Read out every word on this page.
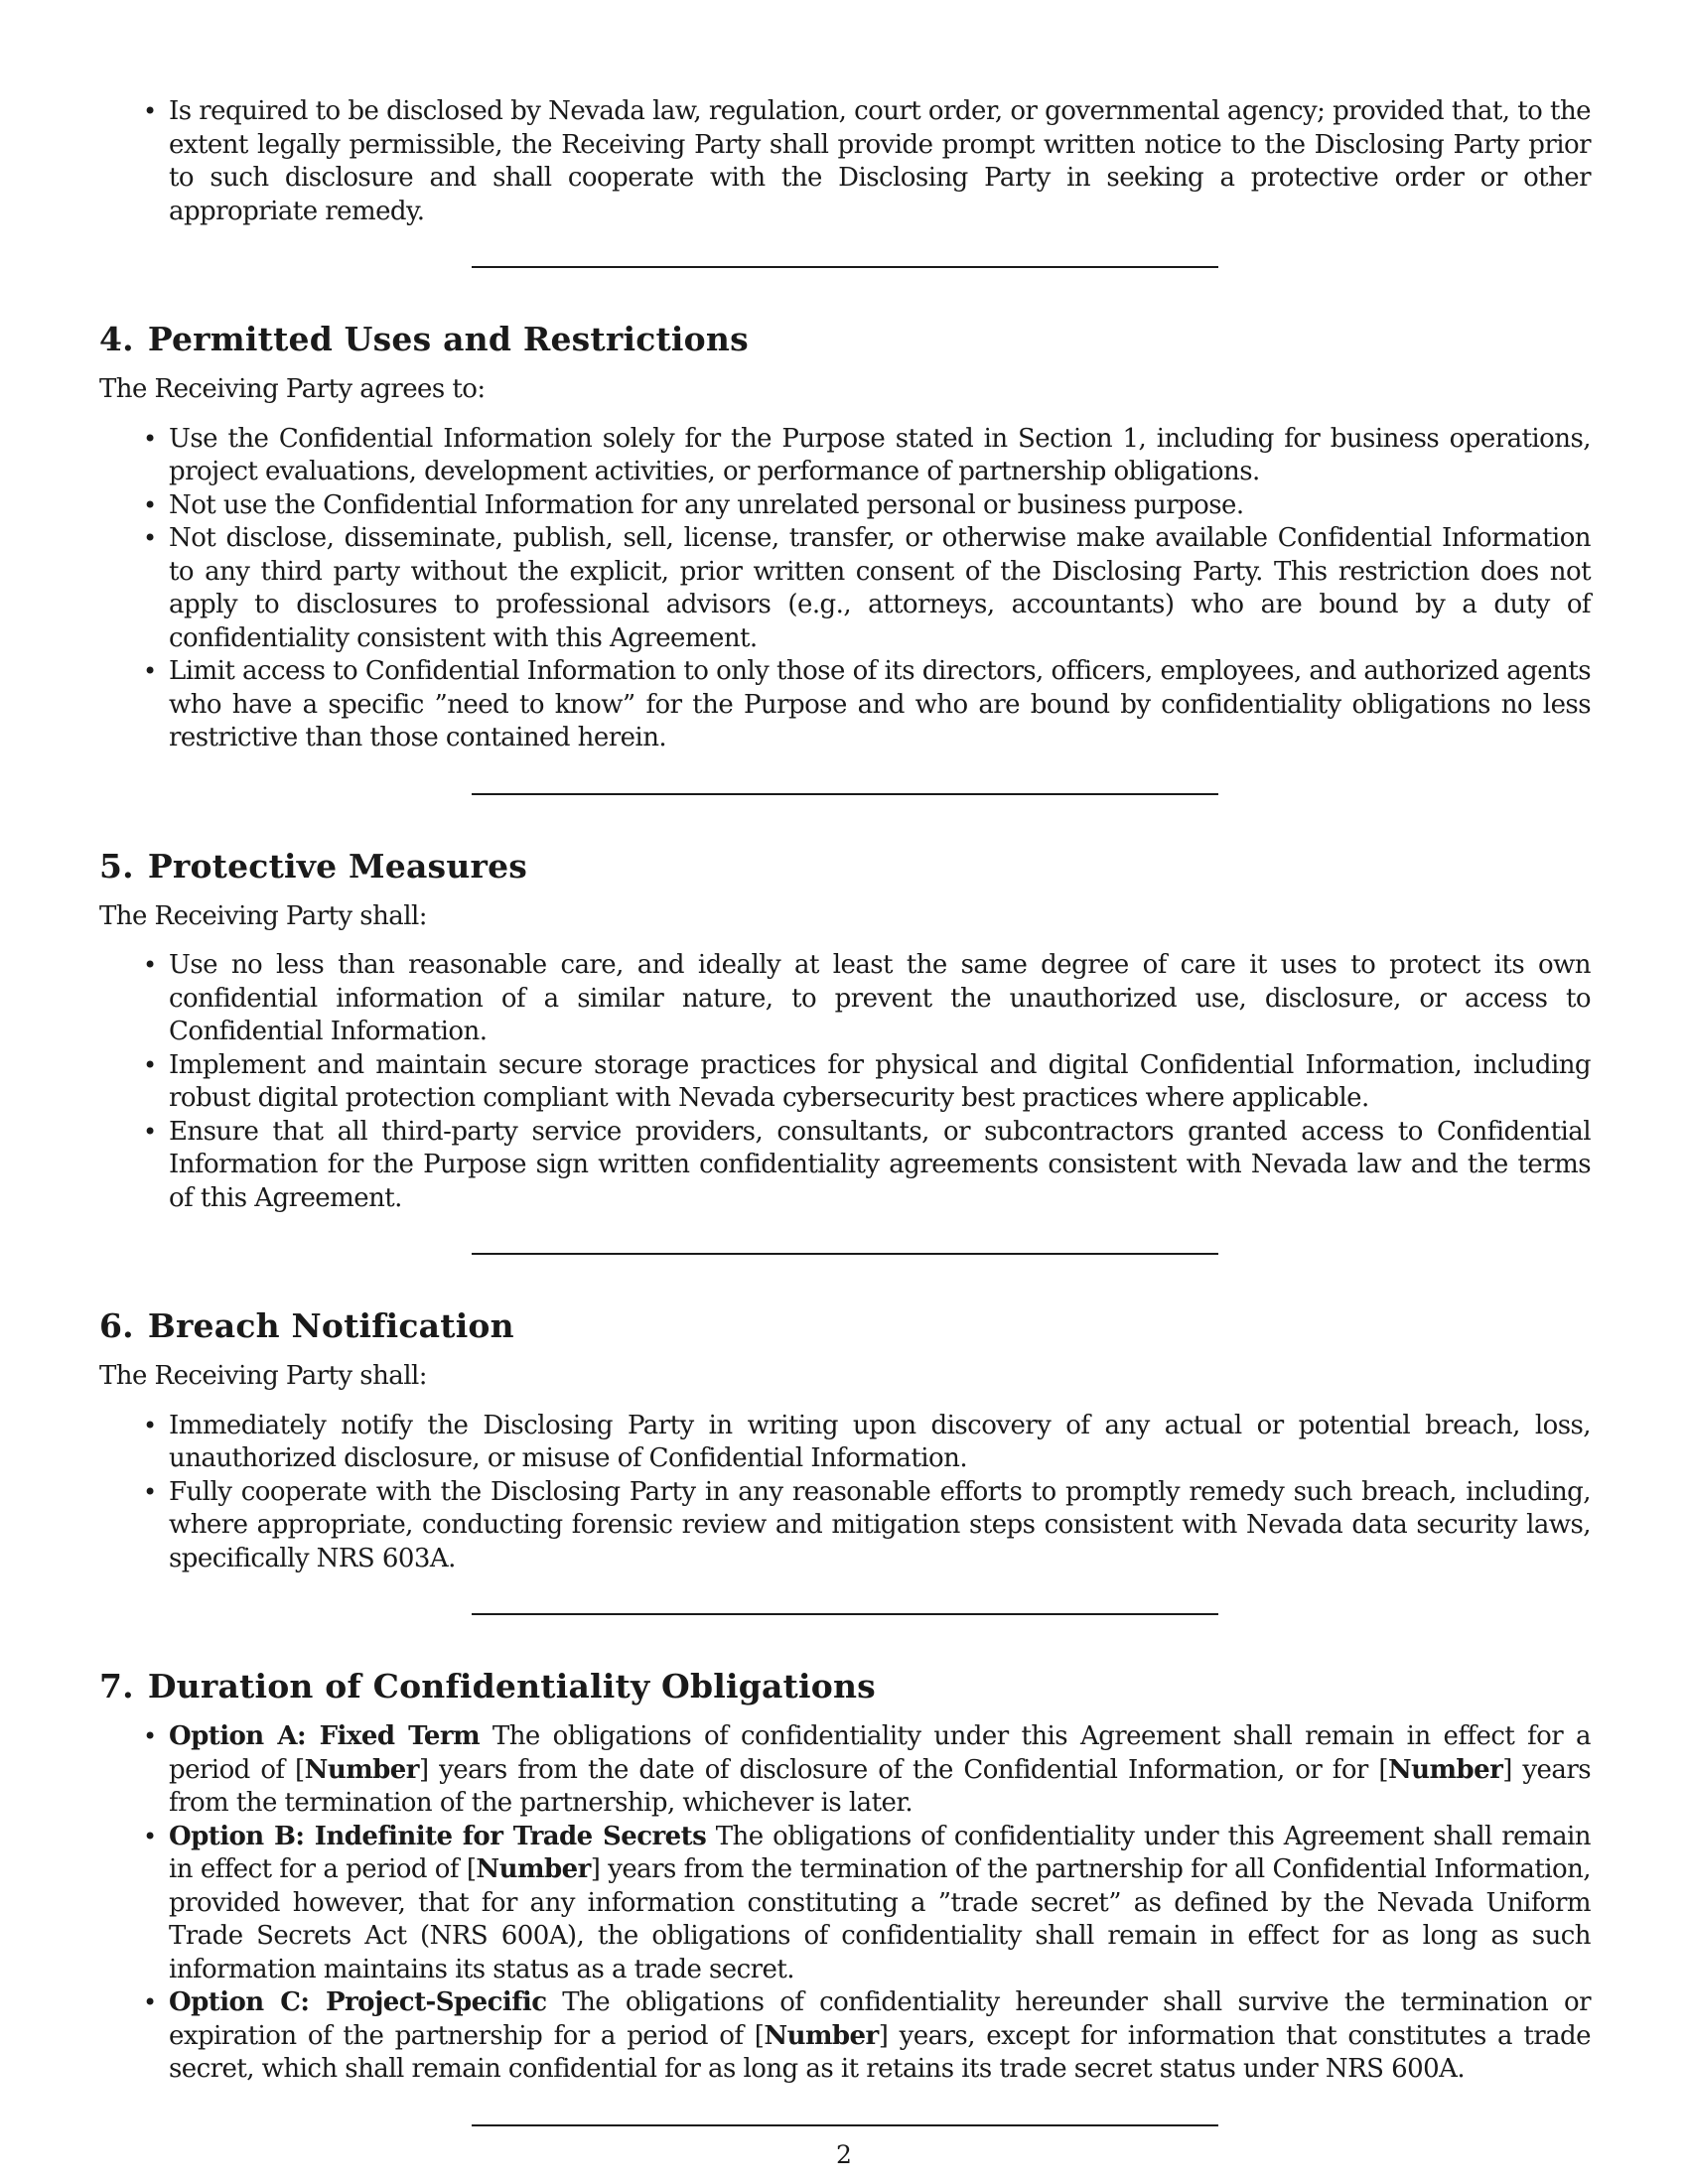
• Is required to be disclosed by Nevada law, regulation, court order, or governmental agency; provided that, to the extent legally permissible, the Receiving Party shall provide prompt written notice to the Disclosing Party prior to such disclosure and shall cooperate with the Disclosing Party in seeking a protective order or other appropriate remedy.
4. Permitted Uses and Restrictions

The Receiving Party agrees to:

• Use the Confidential Information solely for the Purpose stated in Section 1, including for business operations, project evaluations, development activities, or performance of partnership obligations.
• Not use the Confidential Information for any unrelated personal or business purpose.
• Not disclose, disseminate, publish, sell, license, transfer, or otherwise make available Confidential Information to any third party without the explicit, prior written consent of the Disclosing Party. This restriction does not apply to disclosures to professional advisors (e.g., attorneys, accountants) who are bound by a duty of confidentiality consistent with this Agreement.
• Limit access to Confidential Information to only those of its directors, officers, employees, and authorized agents who have a specific ”need to know” for the Purpose and who are bound by confidentiality obligations no less restrictive than those contained herein.
5. Protective Measures

The Receiving Party shall:

• Use no less than reasonable care, and ideally at least the same degree of care it uses to protect its own confidential information of a similar nature, to prevent the unauthorized use, disclosure, or access to Confidential Information.
• Implement and maintain secure storage practices for physical and digital Confidential Information, including robust digital protection compliant with Nevada cybersecurity best practices where applicable.
• Ensure that all third-party service providers, consultants, or subcontractors granted access to Confidential Information for the Purpose sign written confidentiality agreements consistent with Nevada law and the terms of this Agreement.
6. Breach Notification

The Receiving Party shall:

• Immediately notify the Disclosing Party in writing upon discovery of any actual or potential breach, loss, unauthorized disclosure, or misuse of Confidential Information.
• Fully cooperate with the Disclosing Party in any reasonable efforts to promptly remedy such breach, including, where appropriate, conducting forensic review and mitigation steps consistent with Nevada data security laws, specifically NRS 603A.
7. Duration of Confidentiality Obligations
• Option A: Fixed Term The obligations of confidentiality under this Agreement shall remain in effect for a period of [Number] years from the date of disclosure of the Confidential Information, or for [Number] years from the termination of the partnership, whichever is later.
• Option B: Indefinite for Trade Secrets The obligations of confidentiality under this Agreement shall remain in effect for a period of [Number] years from the termination of the partnership for all Confidential Information, provided however, that for any information constituting a ”trade secret” as defined by the Nevada Uniform Trade Secrets Act (NRS 600A), the obligations of confidentiality shall remain in effect for as long as such information maintains its status as a trade secret.
• Option C: Project-Specific The obligations of confidentiality hereunder shall survive the termination or expiration of the partnership for a period of [Number] years, except for information that constitutes a trade secret, which shall remain confidential for as long as it retains its trade secret status under NRS 600A.
2
